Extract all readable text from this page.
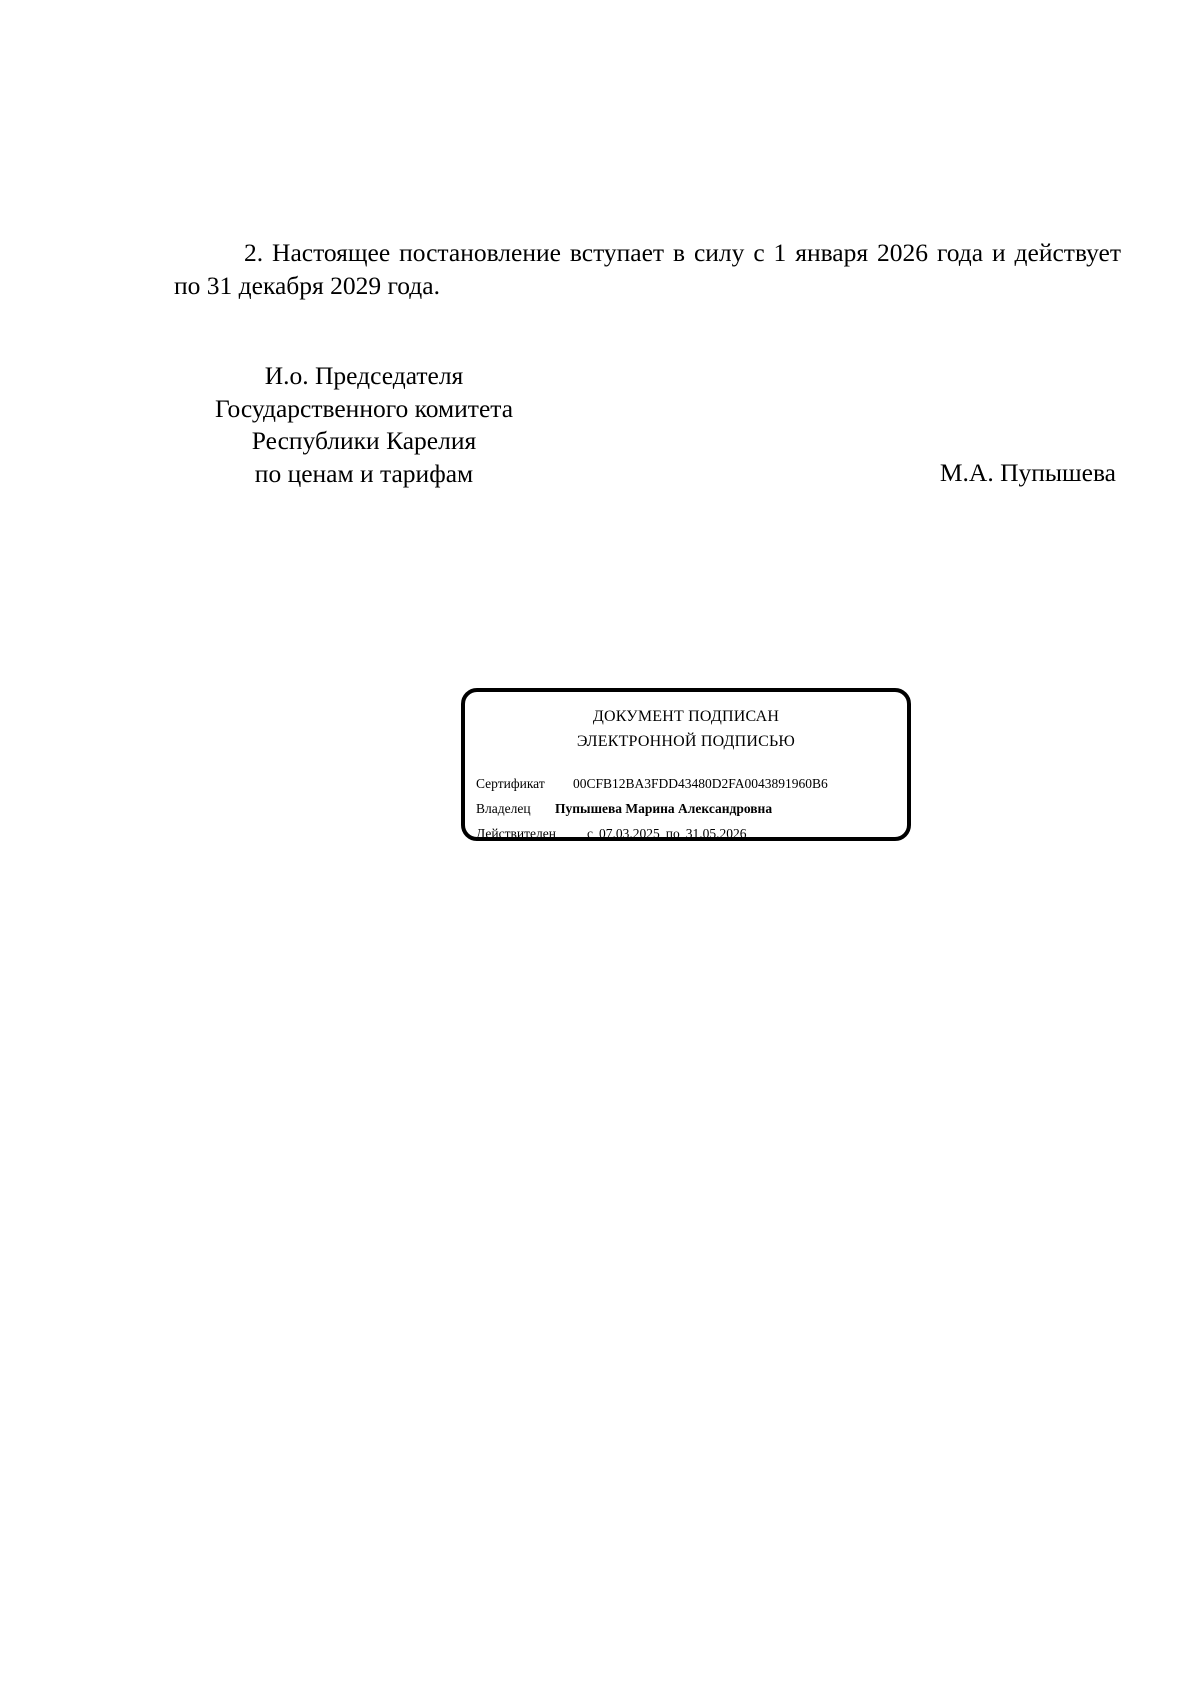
2. Настоящее постановление вступает в силу с 1 января 2026 года и действует по 31 декабря 2029 года.

И.о. Председателя
Государственного комитета
Республики Карелия
по ценам и тарифам	М.А. Пупышева
ДОКУМЕНТ ПОДПИСАН
ЭЛЕКТРОННОЙ ПОДПИСЬЮ
Сертификат 00CFB12BA3FDD43480D2FA0043891960B6
Владелец Пупышева Марина Александровна
Действителен с 07.03.2025 по 31.05.2026
